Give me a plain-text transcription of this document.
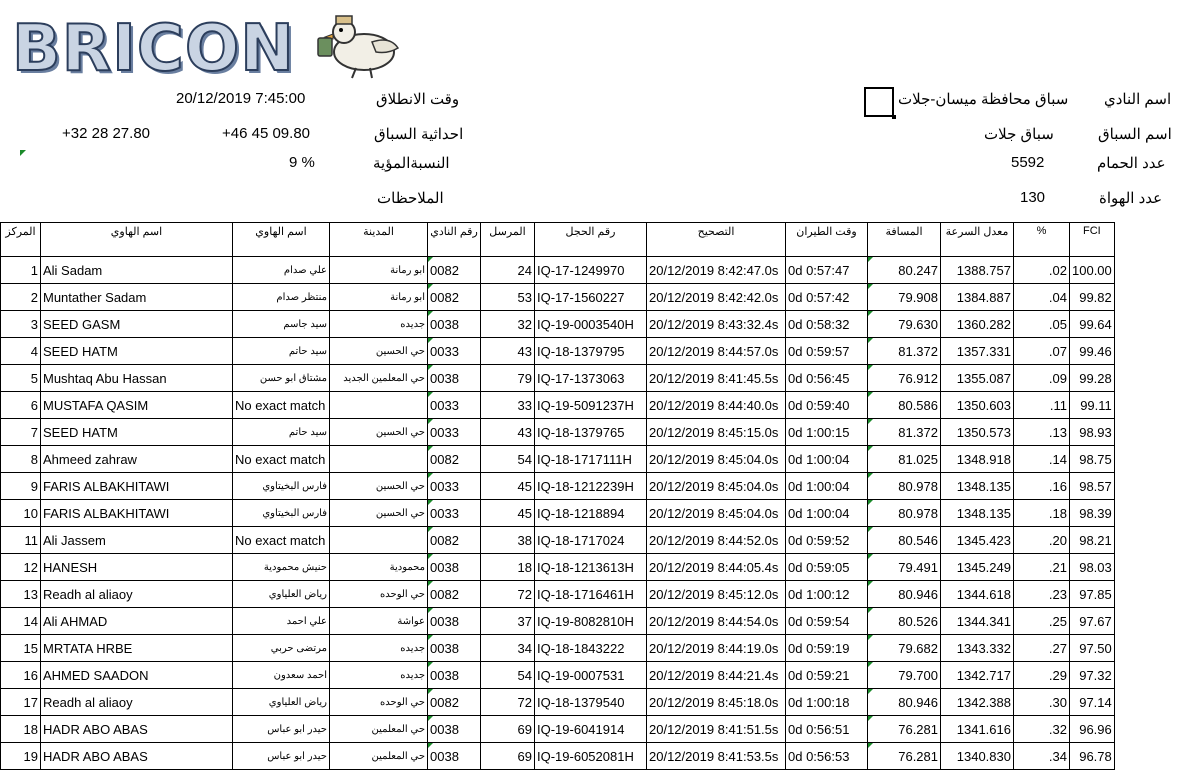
BRICON
اسم النادي
سباق محافظة ميسان-جلات
اسم السباق
سباق جلات
عدد الحمام
5592
عدد الهواة
130
وقت الانطلاق
20/12/2019 7:45:00
احداثية السباق
+46 45 09.80
+32 28 27.80
النسبةالمؤية
9 %
الملاحظات
المركز	اسم الهاوي	اسم الهاوي	المدينة	رقم النادي	المرسل	رقم الحجل	التصحيح	وقت الطيران	المسافة	معدل السرعة	%	FCI
1	Ali Sadam	علي صدام	ابو رمانة	0082	24	IQ-17-1249970	20/12/2019 8:42:47.0s	0d 0:57:47	80.247	1388.757	.02	100.00
2	Muntather Sadam	منتظر صدام	ابو رمانة	0082	53	IQ-17-1560227	20/12/2019 8:42:42.0s	0d 0:57:42	79.908	1384.887	.04	99.82
3	SEED GASM	سيد جاسم	جديده	0038	32	IQ-19-0003540H	20/12/2019 8:43:32.4s	0d 0:58:32	79.630	1360.282	.05	99.64
4	SEED HATM	سيد حاتم	حي الحسين	0033	43	IQ-18-1379795	20/12/2019 8:44:57.0s	0d 0:59:57	81.372	1357.331	.07	99.46
5	Mushtaq Abu Hassan	مشتاق ابو حسن	حي المعلمين الجديد	0038	79	IQ-17-1373063	20/12/2019 8:41:45.5s	0d 0:56:45	76.912	1355.087	.09	99.28
6	MUSTAFA QASIM	No exact match		0033	33	IQ-19-5091237H	20/12/2019 8:44:40.0s	0d 0:59:40	80.586	1350.603	.11	99.11
7	SEED HATM	سيد حاتم	حي الحسين	0033	43	IQ-18-1379765	20/12/2019 8:45:15.0s	0d 1:00:15	81.372	1350.573	.13	98.93
8	Ahmeed zahraw	No exact match		0082	54	IQ-18-1717111H	20/12/2019 8:45:04.0s	0d 1:00:04	81.025	1348.918	.14	98.75
9	FARIS ALBAKHITAWI	فارس البخيتاوي	حي الحسين	0033	45	IQ-18-1212239H	20/12/2019 8:45:04.0s	0d 1:00:04	80.978	1348.135	.16	98.57
10	FARIS ALBAKHITAWI	فارس البخيتاوي	حي الحسين	0033	45	IQ-18-1218894	20/12/2019 8:45:04.0s	0d 1:00:04	80.978	1348.135	.18	98.39
11	Ali Jassem	No exact match		0082	38	IQ-18-1717024	20/12/2019 8:44:52.0s	0d 0:59:52	80.546	1345.423	.20	98.21
12	HANESH	حنيش محمودية	محمودية	0038	18	IQ-18-1213613H	20/12/2019 8:44:05.4s	0d 0:59:05	79.491	1345.249	.21	98.03
13	Readh al aliaoy	رياض العلياوي	حي الوحده	0082	72	IQ-18-1716461H	20/12/2019 8:45:12.0s	0d 1:00:12	80.946	1344.618	.23	97.85
14	Ali AHMAD	علي احمد	عواشة	0038	37	IQ-19-8082810H	20/12/2019 8:44:54.0s	0d 0:59:54	80.526	1344.341	.25	97.67
15	MRTATA HRBE	مرتضى حربي	جديده	0038	34	IQ-18-1843222	20/12/2019 8:44:19.0s	0d 0:59:19	79.682	1343.332	.27	97.50
16	AHMED SAADON	احمد سعدون	جديده	0038	54	IQ-19-0007531	20/12/2019 8:44:21.4s	0d 0:59:21	79.700	1342.717	.29	97.32
17	Readh al aliaoy	رياض العلياوي	حي الوحده	0082	72	IQ-18-1379540	20/12/2019 8:45:18.0s	0d 1:00:18	80.946	1342.388	.30	97.14
18	HADR ABO ABAS	حيدر ابو عباس	حي المعلمين	0038	69	IQ-19-6041914	20/12/2019 8:41:51.5s	0d 0:56:51	76.281	1341.616	.32	96.96
19	HADR ABO ABAS	حيدر ابو عباس	حي المعلمين	0038	69	IQ-19-6052081H	20/12/2019 8:41:53.5s	0d 0:56:53	76.281	1340.830	.34	96.78
